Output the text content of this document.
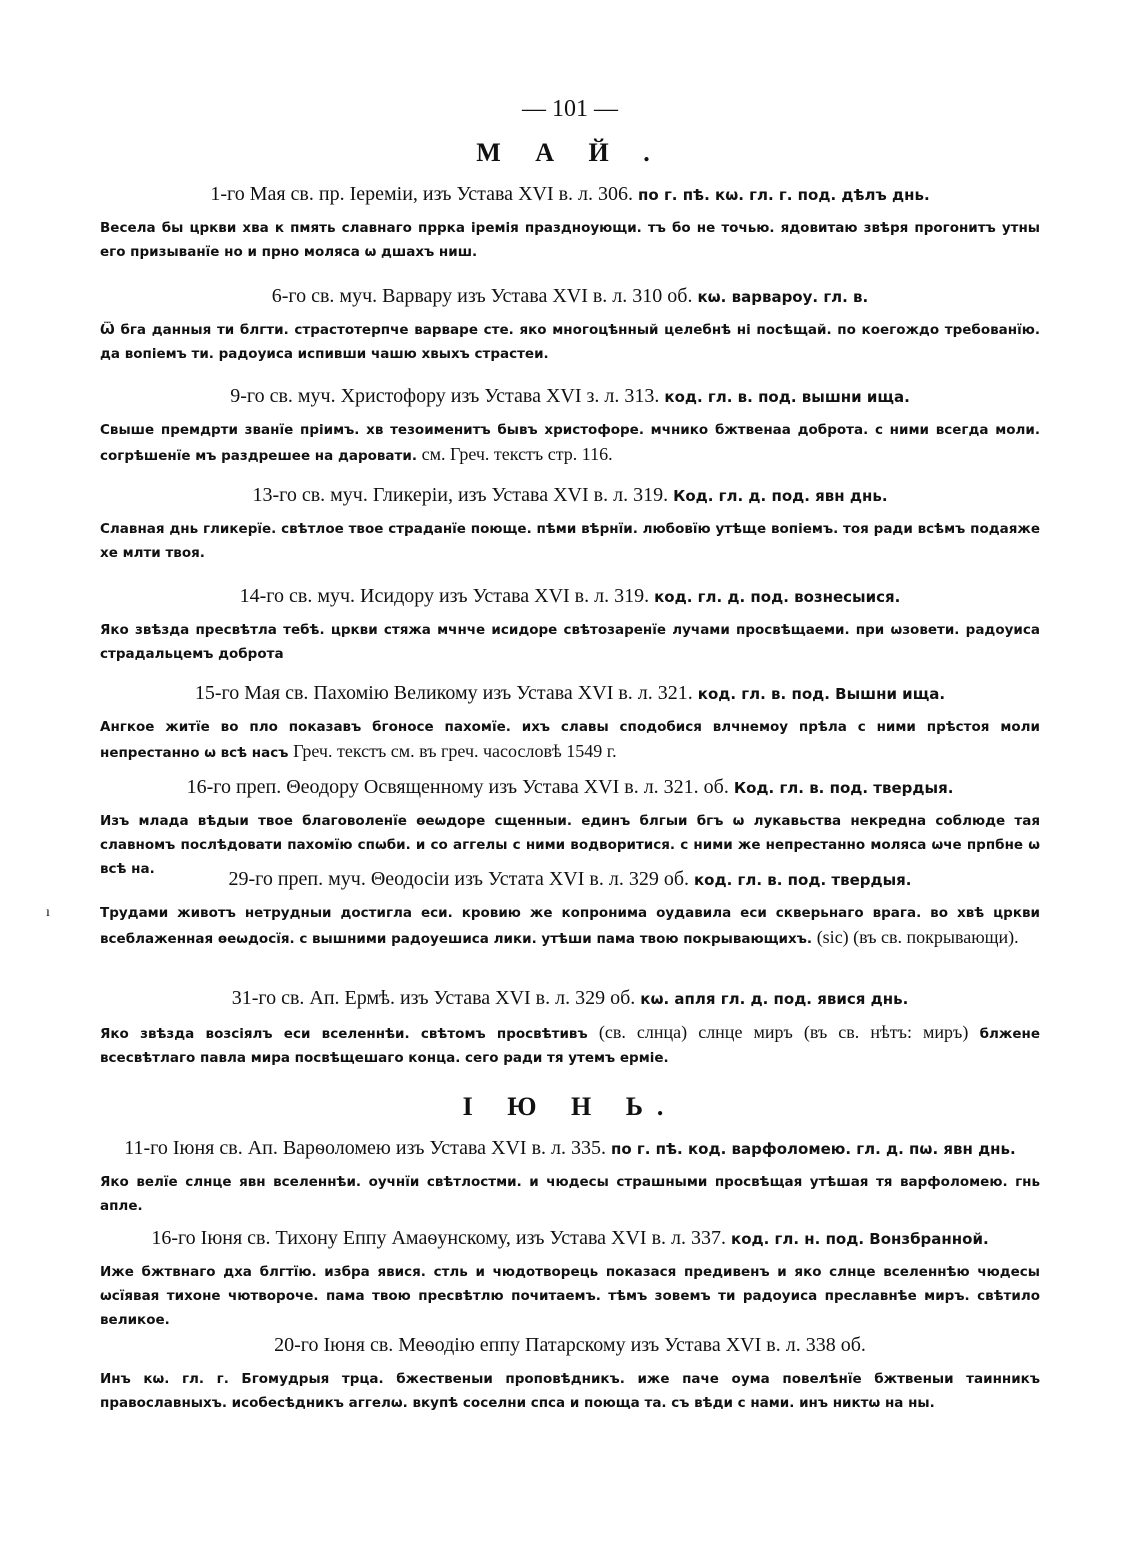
— 101 —
М А Й .
1-го Мая св. пр. Іереміи, изъ Устава XVI в. л. 306. по г. пѣ. кѡ. гл. г. под. дѣлъ днь.
Весела бы цркви хва к пмять славнаго пррка іремія праздноующи. тъ бо не точью. ядовитаю звѣря прогонитъ утны его призыванїе но и прно моляса ѡ дшахъ ниш.
6-го св. муч. Варвару изъ Устава XVI в. л. 310 об. кѡ. варвароу. гл. в.
Ѿ бга данныя ти блгти. страстотерпче варваре сте. яко многоцѣнный целебнѣ ні посѣщай. по коегождо требованїю. да вопіемъ ти. радоуиса испивши чашю хвыхъ страстеи.
9-го св. муч. Христофору изъ Устава XVI з. л. 313. код. гл. в. под. вышни ища.
Свыше премдрти званїе пріимъ. хв тезоименитъ бывъ христофоре. мчнико бжтвенаа доброта. с ними всегда моли. согрѣшенїе мъ раздрешее на даровати. см. Греч. текстъ стр. 116.
13-го св. муч. Гликеріи, изъ Устава XVI в. л. 319. Код. гл. д. под. явн днь.
Славная днь гликерїе. свѣтлое твое страданїе поюще. пѣми вѣрнїи. любовїю утѣще вопіемъ. тоя ради всѣмъ подаяже хе млти твоя.
14-го св. муч. Исидору изъ Устава XVI в. л. 319. код. гл. д. под. вознесыися.
Яко звѣзда пресвѣтла тебѣ. цркви стяжа мчнче исидоре свѣтозаренїе лучами просвѣщаеми. при ѡзовети. радоуиса страдальцемъ доброта
15-го Мая св. Пахомію Великому изъ Устава XVI в. л. 321. код. гл. в. под. Вышни ища.
Ангкое житїе во пло показавъ бгоносе пахомїе. ихъ славы сподобися влчнемоу прѣла с ними прѣстоя моли непрестанно ѡ всѣ насъ Греч. текстъ см. въ греч. часословѣ 1549 г.
16-го преп. Θеодору Освященному изъ Устава XVI в. л. 321. об. Код. гл. в. под. твердыя.
Изъ млада вѣдыи твое благоволенїе ѳеѡдоре сщенныи. единъ блгыи бгъ ѡ лукавьства некредна соблюде тая славномъ послѣдовати пахомїю спѡби. и со аггелы с ними водворитися. с ними же непрестанно моляса ѡче прпбне ѡ всѣ на.
ı
29-го преп. муч. Θеодосіи изъ Устата XVI в. л. 329 об. код. гл. в. под. твердыя.
Трудами животъ нетрудныи достигла еси. кровию же копронима оудавила еси скверьнаго врага. во хвѣ цркви всеблаженная ѳеѡдосїя. с вышними радоуешиса лики. утѣши пама твою покрывающихъ. (sic) (въ св. покрывающи).
31-го св. Ап. Ермѣ. изъ Устава XVI в. л. 329 об. кѡ. апля гл. д. под. явися днь.
Яко звѣзда возсіялъ еси вселеннѣи. свѣтомъ просвѣтивъ (св. слнца) слнце миръ (въ св. нѣтъ: миръ) блжене всесвѣтлаго павла мира посвѣщешаго конца. сего ради тя утемъ ерміе.
І Ю Н Ь.
11-го Іюня св. Ап. Варѳоломею изъ Устава XVI в. л. 335. по г. пѣ. код. варфоломею. гл. д. пѡ. явн днь.
Яко велїе слнце явн вселеннѣи. оучнїи свѣтлостми. и чюдесы страшными просвѣщая утѣшая тя варфоломею. гнь апле.
16-го Іюня св. Тихону Еппу Амаѳунскому, изъ Устава XVI в. л. 337. код. гл. н. под. Вонзбранной.
Иже бжтвнаго дха блгтїю. избра явися. стль и чюдотворець показася предивенъ и яко слнце вселеннѣю чюдесы ѡсїявая тихоне чютвороче. пама твою пресвѣтлю почитаемъ. тѣмъ зовемъ ти радоуиса преславнѣе миръ. свѣтило великое.
20-го Іюня св. Меѳодію еппу Патарскому изъ Устава XVI в. л. 338 об.
Инъ кѡ. гл. г. Бгомудрыя трца. бжественыи проповѣдникъ. иже паче оума повелѣнїе бжтвеныи таинникъ православныхъ. исобесѣдникъ аггелѡ. вкупѣ соселни спса и поюща та. съ вѣди с нами. инъ никтѡ на ны.
